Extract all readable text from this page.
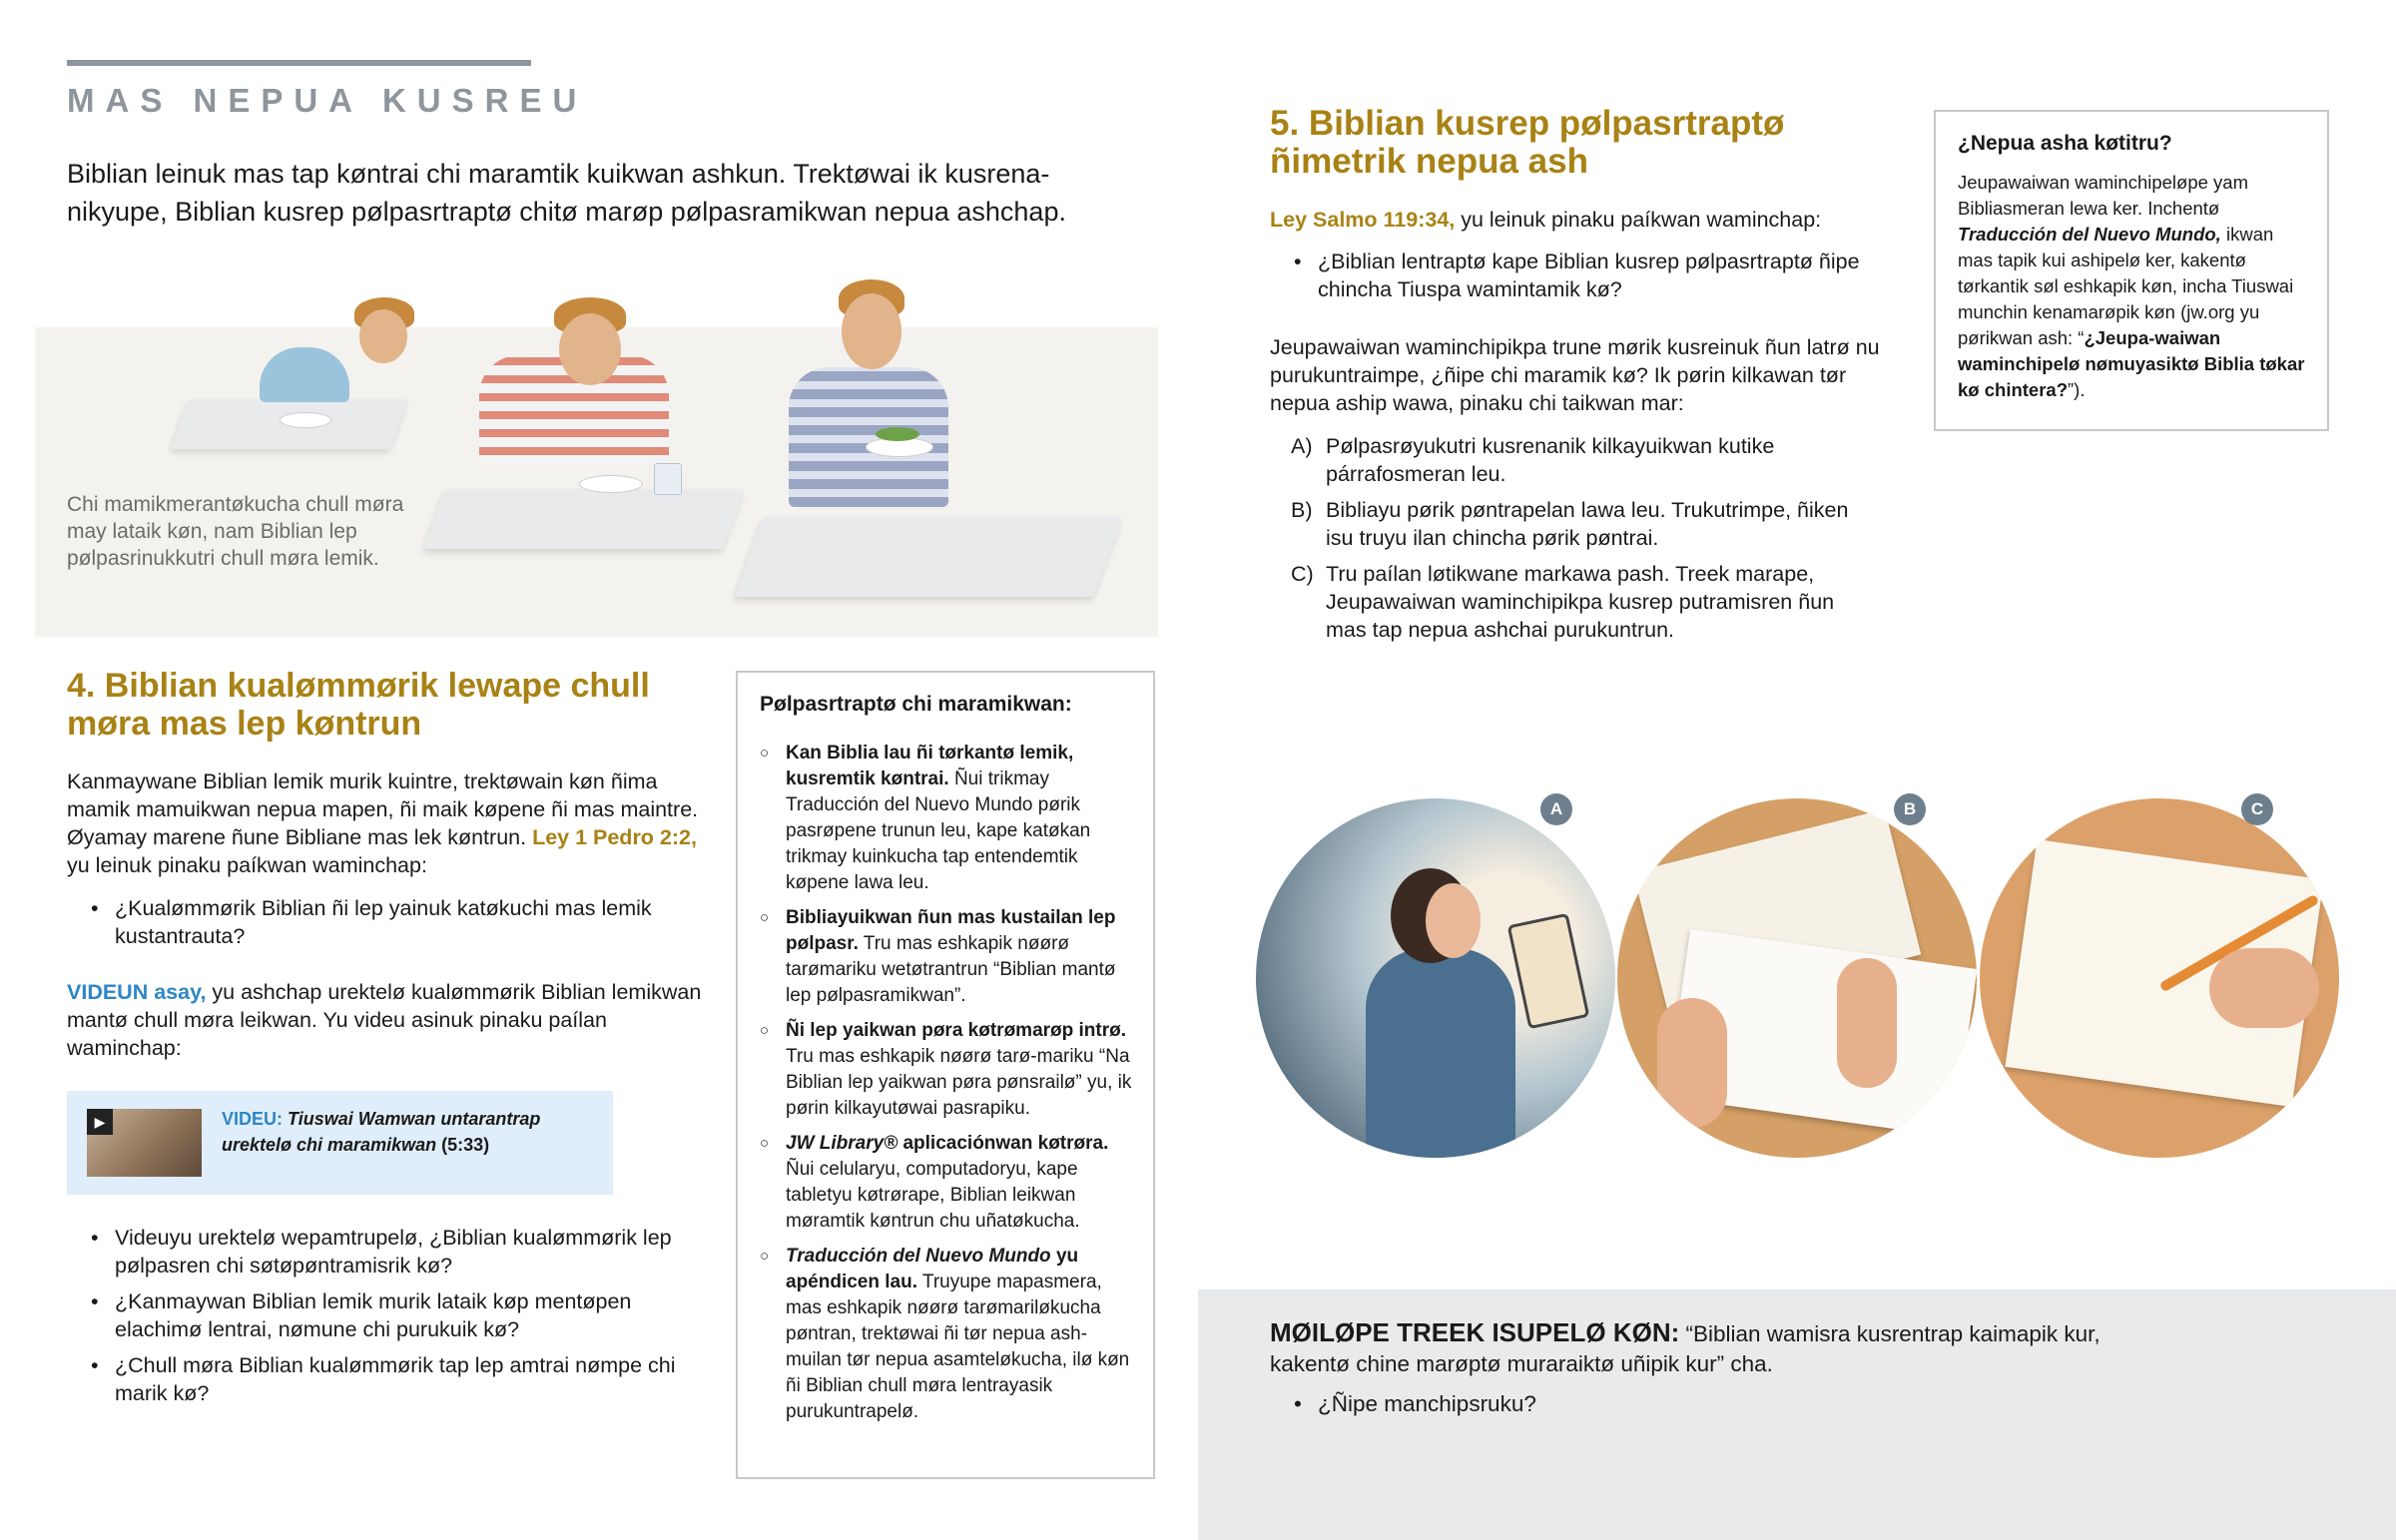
MAS NEPUA KUSREU
Biblian leinuk mas tap køntrai chi maramtik kuikwan ashkun. Trektøwai ik kusrena-nikyupe, Biblian kusrep pølpasrtraptø chitø marøp pølpasramikwan nepua ashchap.
Chi mamikmerantøkucha chull møra may lataik køn, nam Biblian lep pølpasrinukkutri chull møra lemik.
4. Biblian kualømmørik lewape chull møra mas lep køntrun
Kanmaywane Biblian lemik murik kuintre, trektøwain køn ñima mamik mamuikwan nepua mapen, ñi maik køpene ñi mas maintre. Øyamay marene ñune Bibliane mas lek køntrun. Ley 1 Pedro 2:2, yu leinuk pinaku paíkwan waminchap:
• ¿Kualømmørik Biblian ñi lep yainuk katøkuchi mas lemik kustantrauta?
VIDEUN asay, yu ashchap urektelø kualømmørik Biblian lemikwan mantø chull møra leikwan. Yu videu asinuk pinaku paílan waminchap:
▶	VIDEU: Tiuswai Wamwan untarantrap urektelø chi maramikwan (5:33)
• Videuyu urektelø wepamtrupelø, ¿Biblian kualømmørik lep pølpasren chi søtøpøntramisrik kø?
• ¿Kanmaywan Biblian lemik murik lataik køp mentøpen elachimø lentrai, nømune chi purukuik kø?
• ¿Chull møra Biblian kualømmørik tap lep amtrai nømpe chi marik kø?
Pølpasrtraptø chi maramikwan:
○ Kan Biblia lau ñi tørkantø lemik, kusremtik køntrai. Ñui trikmay Traducción del Nuevo Mundo pørik pasrøpene trunun leu, kape katøkan trikmay kuinkucha tap entendemtik køpene lawa leu.
○ Bibliayuikwan ñun mas kustailan lep pølpasr. Tru mas eshkapik nøørø tarømariku wetøtrantrun “Biblian mantø lep pølpasramikwan”.
○ Ñi lep yaikwan pøra køtrømarøp intrø. Tru mas eshkapik nøørø tarø-mariku “Na Biblian lep yaikwan pøra pønsrailø” yu, ik pørin kilkayutøwai pasrapiku.
○ JW Library® aplicaciónwan køtrøra. Ñui celularyu, computadoryu, kape tabletyu køtrørape, Biblian leikwan møramtik køntrun chu uñatøkucha.
○ Traducción del Nuevo Mundo yu apéndicen lau. Truyupe mapasmera, mas eshkapik nøørø tarømariløkucha pøntran, trektøwai ñi tør nepua ash-muilan tør nepua asamteløkucha, ilø køn ñi Biblian chull møra lentrayasik purukuntrapelø.
5. Biblian kusrep pølpasrtraptø ñimetrik nepua ash
Ley Salmo 119:34, yu leinuk pinaku paíkwan waminchap:
• ¿Biblian lentraptø kape Biblian kusrep pølpasrtraptø ñipe chincha Tiuspa wamintamik kø?
Jeupawaiwan waminchipikpa trune mørik kusreinuk ñun latrø nu purukuntraimpe, ¿ñipe chi maramik kø? Ik pørin kilkawan tør nepua aship wawa, pinaku chi taikwan mar:
A) Pølpasrøyukutri kusrenanik kilkayuikwan kutike párrafosmeran leu.
B) Bibliayu pørik pøntrapelan lawa leu. Trukutrimpe, ñiken isu truyu ilan chincha pørik pøntrai.
C) Tru paílan løtikwane markawa pash. Treek marape, Jeupawaiwan waminchipikpa kusrep putramisren ñun mas tap nepua ashchai purukuntrun.
¿Nepua asha køtitru?
Jeupawaiwan waminchipeløpe yam Bibliasmeran lewa ker. Inchentø Traducción del Nuevo Mundo, ikwan mas tapik kui ashipelø ker, kakentø tørkantik søl eshkapik køn, incha Tiuswai munchin kenamarøpik køn (jw.org yu pørikwan ash: “¿Jeupa-waiwan waminchipelø nømuyasiktø Biblia tøkar kø chintera?”).
A	B	C
MØILØPE TREEK ISUPELØ KØN: “Biblian wamisra kusrentrap kaimapik kur, kakentø chine marøptø muraraiktø uñipik kur” cha.
• ¿Ñipe manchipsruku?
